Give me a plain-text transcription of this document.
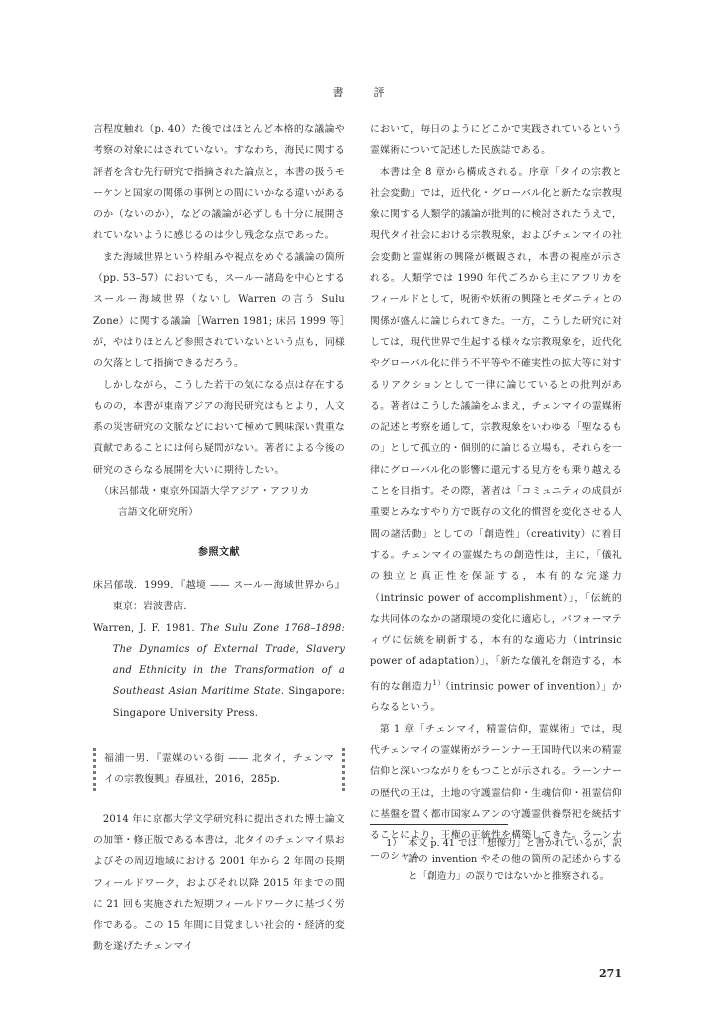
書評

言程度触れ（p. 40）た後ではほとんど本格的な議論や考察の対象にはされていない。すなわち，海民に関する評者を含む先行研究で指摘された論点と，本書の扱うモーケンと国家の関係の事例との間にいかなる違いがあるのか（ないのか），などの議論が必ずしも十分に展開されていないように感じるのは少し残念な点であった。

また海域世界という枠組みや視点をめぐる議論の箇所（pp. 53–57）においても，スールー諸島を中心とするスールー海域世界（ないし Warren の言う Sulu Zone）に関する議論［Warren 1981; 床呂 1999 等］が，やはりほとんど参照されていないという点も，同様の欠落として指摘できるだろう。

しかしながら，こうした若干の気になる点は存在するものの，本書が東南アジアの海民研究はもとより，人文系の災害研究の文脈などにおいて極めて興味深い貴重な貢献であることには何ら疑問がない。著者による今後の研究のさらなる展開を大いに期待したい。

（床呂郁哉・東京外国語大学アジア・アフリカ
言語文化研究所）

参照文献

床呂郁哉．1999．『越境 —— スールー海域世界から』東京：岩波書店．

Warren, J. F. 1981. The Sulu Zone 1768–1898: The Dynamics of External Trade, Slavery and Ethnicity in the Transformation of a Southeast Asian Maritime State. Singapore: Singapore University Press.

福浦一男．『霊媒のいる街 —— 北タイ，チェンマイの宗教復興』春風社，2016，285p.

2014 年に京都大学文学研究科に提出された博士論文の加筆・修正版である本書は，北タイのチェンマイ県およびその周辺地域における 2001 年から 2 年間の長期フィールドワーク，およびそれ以降 2015 年までの間に 21 回も実施された短期フィールドワークに基づく労作である。この 15 年間に目覚ましい社会的・経済的変動を遂げたチェンマイ

において，毎日のようにどこかで実践されているという霊媒術について記述した民族誌である。

本書は全 8 章から構成される。序章「タイの宗教と社会変動」では，近代化・グローバル化と新たな宗教現象に関する人類学的議論が批判的に検討されたうえで，現代タイ社会における宗教現象，およびチェンマイの社会変動と霊媒術の興隆が概観され，本書の視座が示される。人類学では 1990 年代ごろから主にアフリカをフィールドとして，呪術や妖術の興隆とモダニティとの関係が盛んに論じられてきた。一方，こうした研究に対しては，現代世界で生起する様々な宗教現象を，近代化やグローバル化に伴う不平等や不確実性の拡大等に対するリアクションとして一律に論じているとの批判がある。著者はこうした議論をふまえ，チェンマイの霊媒術の記述と考察を通して，宗教現象をいわゆる「聖なるもの」として孤立的・個別的に論じる立場も，それらを一律にグローバル化の影響に還元する見方をも乗り越えることを目指す。その際，著者は「コミュニティの成員が重要とみなすやり方で既存の文化的慣習を変化させる人間の諸活動」としての「創造性」（creativity）に着目する。チェンマイの霊媒たちの創造性は，主に，「儀礼の独立と真正性を保証する，本有的な完遂力（intrinsic power of accomplishment）」，「伝統的な共同体のなかの諸環境の変化に適応し，パフォーマティヴに伝統を刷新する，本有的な適応力（intrinsic power of adaptation）」，「新たな儀礼を創造する，本有的な創造力$^{1)}$（intrinsic power of invention）」からなるという。

第 1 章「チェンマイ，精霊信仰，霊媒術」では，現代チェンマイの霊媒術がラーンナー王国時代以来の精霊信仰と深いつながりをもつことが示される。ラーンナーの歴代の王は，土地の守護霊信仰・生魂信仰・祖霊信仰に基盤を置く都市国家ムアンの守護霊供養祭祀を統括することにより，王権の正統性を構築してきた。ラーンナーのシャム

1） 本文 p. 41 では「想像力」と書かれているが，訳語の invention やその他の箇所の記述からすると「創造力」の誤りではないかと推察される。
271
